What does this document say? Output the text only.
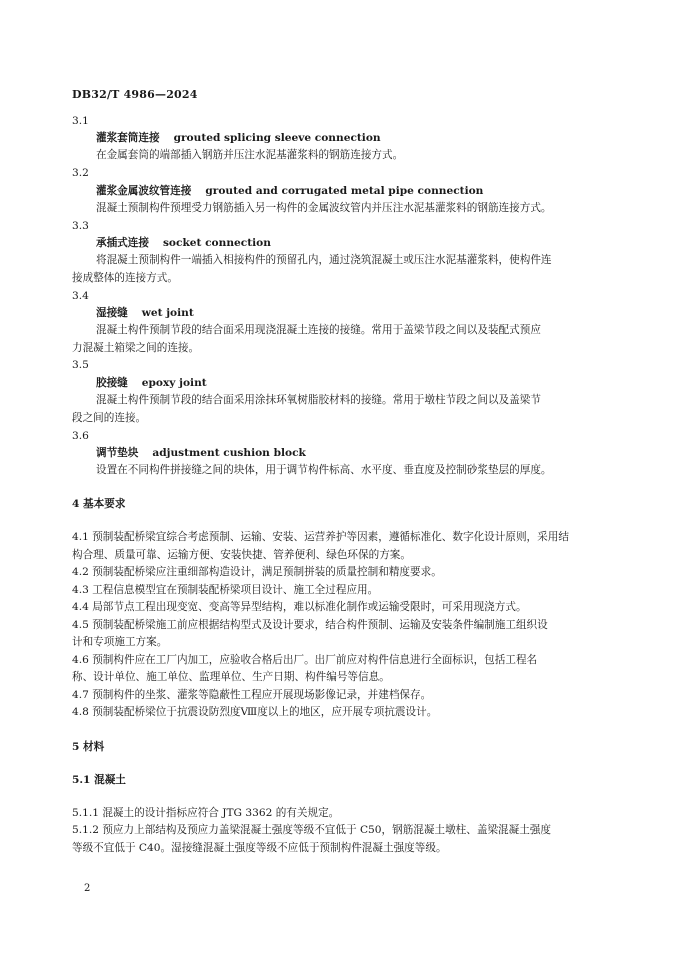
DB32/T 4986—2024
3.1
灌浆套筒连接 grouted splicing sleeve connection
在金属套筒的端部插入钢筋并压注水泥基灌浆料的钢筋连接方式。
3.2
灌浆金属波纹管连接 grouted and corrugated metal pipe connection
混凝土预制构件预埋受力钢筋插入另一构件的金属波纹管内并压注水泥基灌浆料的钢筋连接方式。
3.3
承插式连接 socket connection
将混凝土预制构件一端插入相接构件的预留孔内，通过浇筑混凝土或压注水泥基灌浆料，使构件连
接成整体的连接方式。
3.4
湿接缝 wet joint
混凝土构件预制节段的结合面采用现浇混凝土连接的接缝。常用于盖梁节段之间以及装配式预应
力混凝土箱梁之间的连接。
3.5
胶接缝 epoxy joint
混凝土构件预制节段的结合面采用涂抹环氧树脂胶材料的接缝。常用于墩柱节段之间以及盖梁节
段之间的连接。
3.6
调节垫块 adjustment cushion block
设置在不同构件拼接缝之间的块体，用于调节构件标高、水平度、垂直度及控制砂浆垫层的厚度。
4 基本要求
4.1 预制装配桥梁宜综合考虑预制、运输、安装、运营养护等因素，遵循标准化、数字化设计原则，采用结
构合理、质量可靠、运输方便、安装快捷、管养便利、绿色环保的方案。
4.2 预制装配桥梁应注重细部构造设计，满足预制拼装的质量控制和精度要求。
4.3 工程信息模型宜在预制装配桥梁项目设计、施工全过程应用。
4.4 局部节点工程出现变宽、变高等异型结构，难以标准化制作或运输受限时，可采用现浇方式。
4.5 预制装配桥梁施工前应根据结构型式及设计要求，结合构件预制、运输及安装条件编制施工组织设
计和专项施工方案。
4.6 预制构件应在工厂内加工，应验收合格后出厂。出厂前应对构件信息进行全面标识，包括工程名
称、设计单位、施工单位、监理单位、生产日期、构件编号等信息。
4.7 预制构件的坐浆、灌浆等隐蔽性工程应开展现场影像记录，并建档保存。
4.8 预制装配桥梁位于抗震设防烈度Ⅷ度以上的地区，应开展专项抗震设计。
5 材料
5.1 混凝土
5.1.1 混凝土的设计指标应符合 JTG 3362 的有关规定。
5.1.2 预应力上部结构及预应力盖梁混凝土强度等级不宜低于 C50，钢筋混凝土墩柱、盖梁混凝土强度
等级不宜低于 C40。湿接缝混凝土强度等级不应低于预制构件混凝土强度等级。
2
